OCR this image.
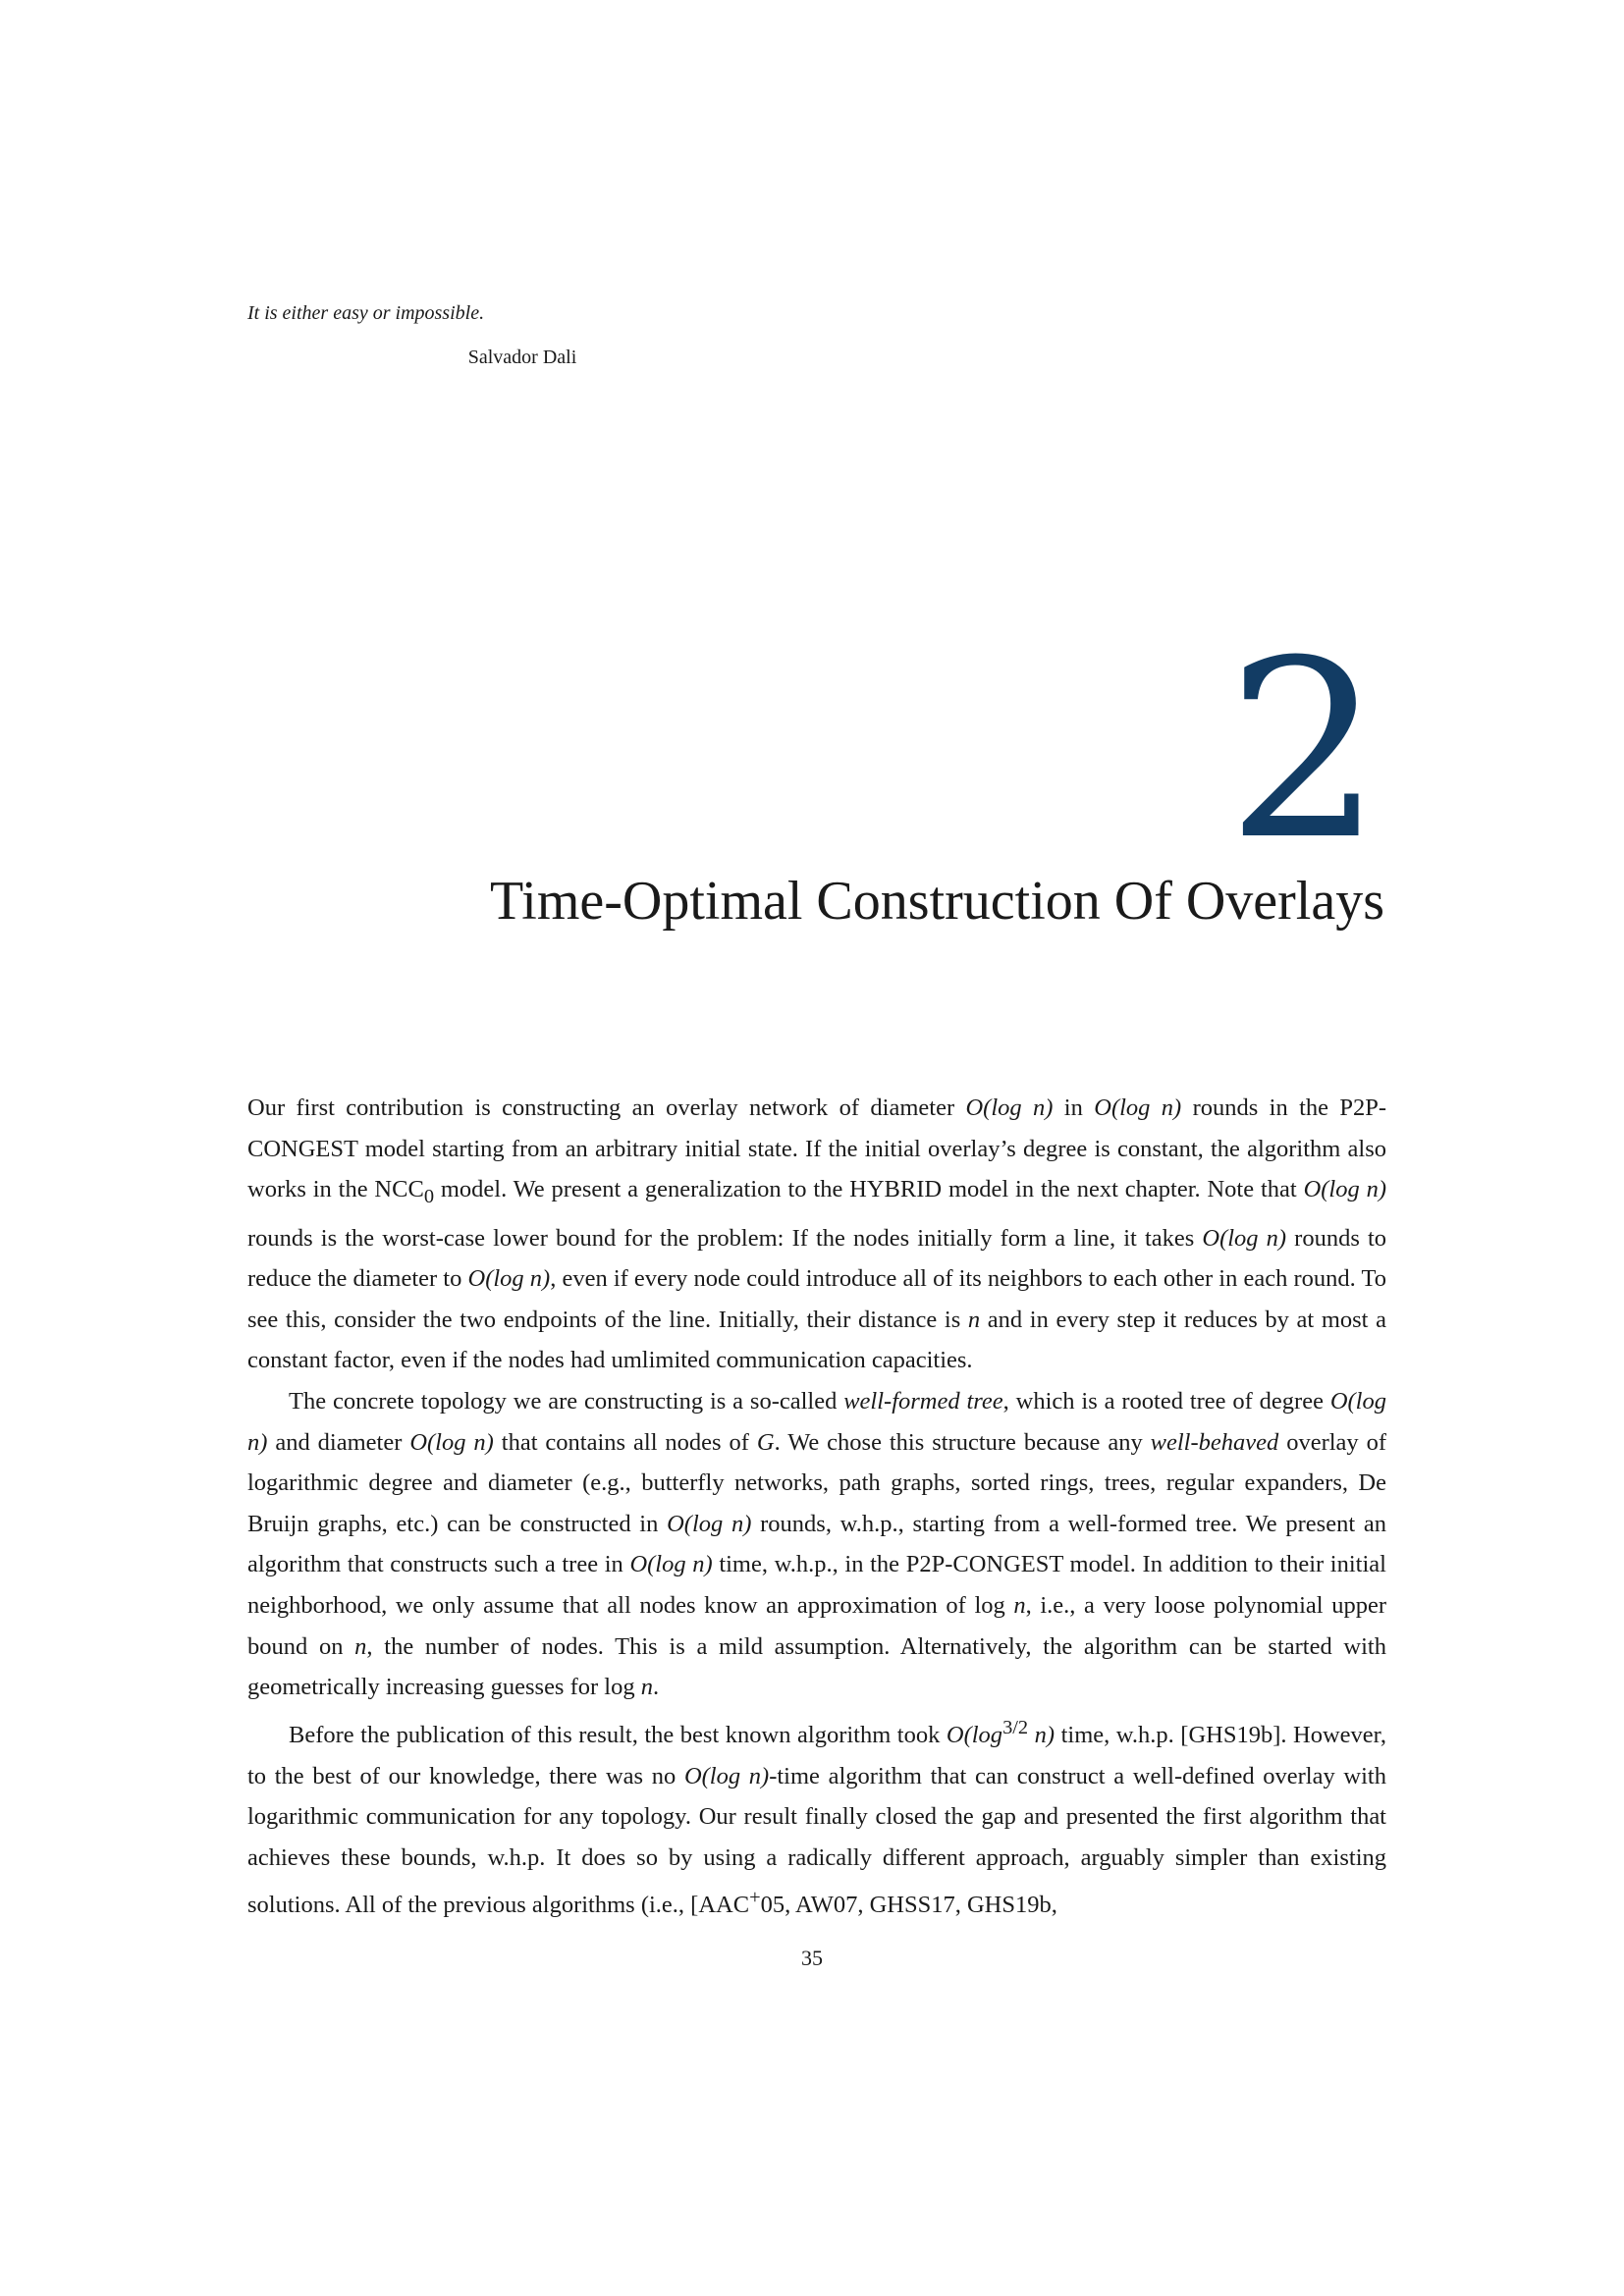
It is either easy or impossible.

Salvador Dali

2
Time-Optimal Construction Of Overlays

Our first contribution is constructing an overlay network of diameter O(log n) in O(log n) rounds in the P2P-CONGEST model starting from an arbitrary initial state. If the initial overlay’s degree is constant, the algorithm also works in the $NCC_0$ model. We present a generalization to the HYBRID model in the next chapter. Note that O(log n) rounds is the worst-case lower bound for the problem: If the nodes initially form a line, it takes O(log n) rounds to reduce the diameter to O(log n), even if every node could introduce all of its neighbors to each other in each round. To see this, consider the two endpoints of the line. Initially, their distance is n and in every step it reduces by at most a constant factor, even if the nodes had umlimited communication capacities.

The concrete topology we are constructing is a so-called well-formed tree, which is a rooted tree of degree O(log n) and diameter O(log n) that contains all nodes of G. We chose this structure because any well-behaved overlay of logarithmic degree and diameter (e.g., butterfly networks, path graphs, sorted rings, trees, regular expanders, De Bruijn graphs, etc.) can be constructed in O(log n) rounds, w.h.p., starting from a well-formed tree. We present an algorithm that constructs such a tree in O(log n) time, w.h.p., in the P2P-CONGEST model. In addition to their initial neighborhood, we only assume that all nodes know an approximation of log n, i.e., a very loose polynomial upper bound on n, the number of nodes. This is a mild assumption. Alternatively, the algorithm can be started with geometrically increasing guesses for log n.

Before the publication of this result, the best known algorithm took $O(\log^{3/2}$ n) time, w.h.p. [GHS19b]. However, to the best of our knowledge, there was no O(log n)-time algorithm that can construct a well-defined overlay with logarithmic communication for any topology. Our result finally closed the gap and presented the first algorithm that achieves these bounds, w.h.p. It does so by using a radically different approach, arguably simpler than existing solutions. All of the previous algorithms (i.e., [AAC+05, AW07, GHSS17, GHS19b,

35
